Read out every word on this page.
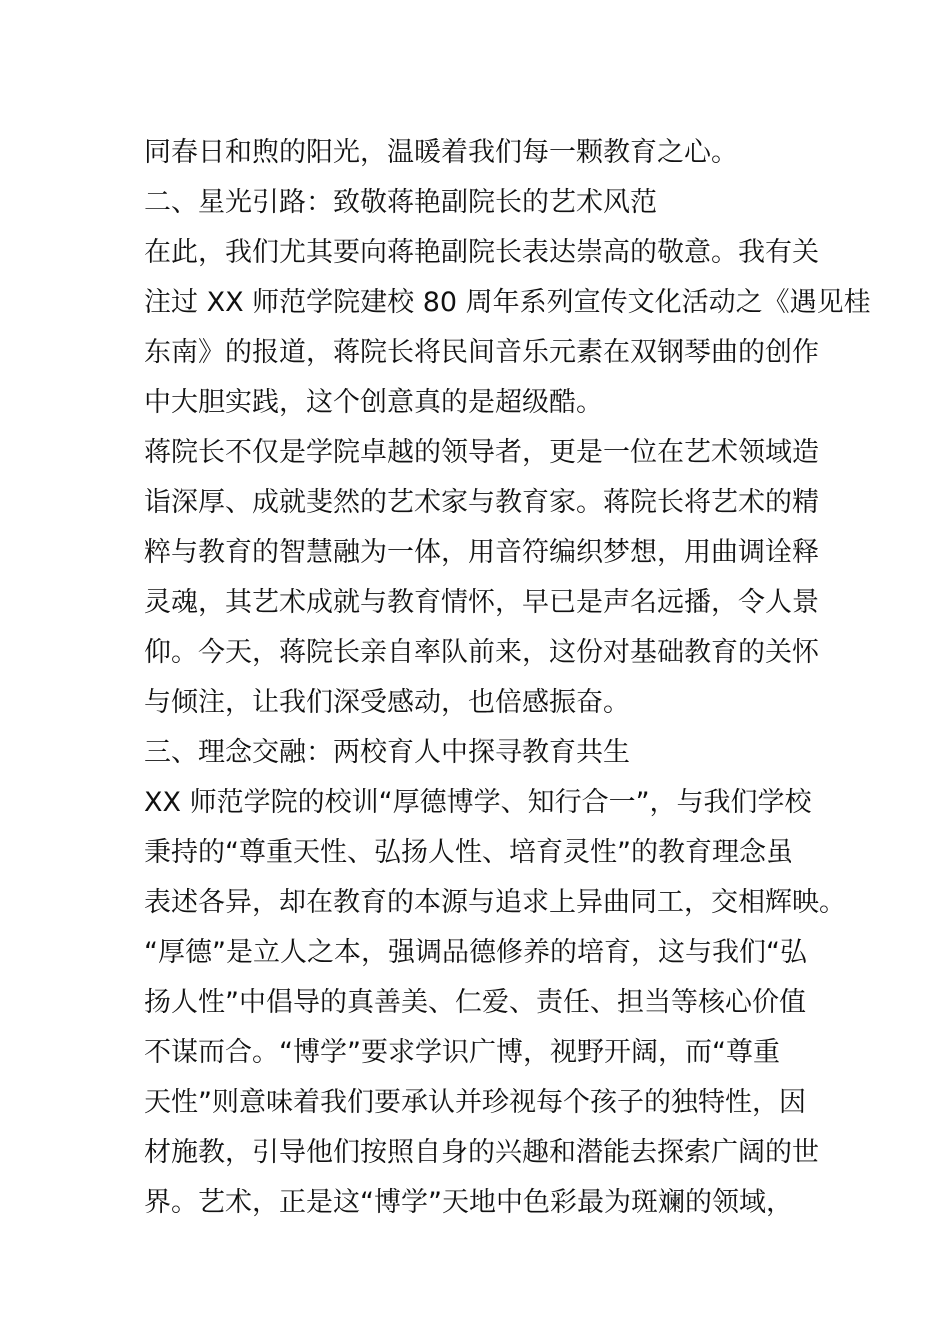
同春日和煦的阳光，温暖着我们每一颗教育之心。
二、星光引路：致敬蒋艳副院长的艺术风范
在此，我们尤其要向蒋艳副院长表达崇高的敬意。我有关
注过 XX 师范学院建校 80 周年系列宣传文化活动之《遇见桂
东南》的报道，蒋院长将民间音乐元素在双钢琴曲的创作
中大胆实践，这个创意真的是超级酷。
蒋院长不仅是学院卓越的领导者，更是一位在艺术领域造
诣深厚、成就斐然的艺术家与教育家。蒋院长将艺术的精
粹与教育的智慧融为一体，用音符编织梦想，用曲调诠释
灵魂，其艺术成就与教育情怀，早已是声名远播，令人景
仰。今天，蒋院长亲自率队前来，这份对基础教育的关怀
与倾注，让我们深受感动，也倍感振奋。
三、理念交融：两校育人中探寻教育共生
XX 师范学院的校训“厚德博学、知行合一”，与我们学校
秉持的“尊重天性、弘扬人性、培育灵性”的教育理念虽
表述各异，却在教育的本源与追求上异曲同工，交相辉映。
“厚德”是立人之本，强调品德修养的培育，这与我们“弘
扬人性”中倡导的真善美、仁爱、责任、担当等核心价值
不谋而合。“博学”要求学识广博，视野开阔，而“尊重
天性”则意味着我们要承认并珍视每个孩子的独特性，因
材施教，引导他们按照自身的兴趣和潜能去探索广阔的世
界。艺术，正是这“博学”天地中色彩最为斑斓的领域，
